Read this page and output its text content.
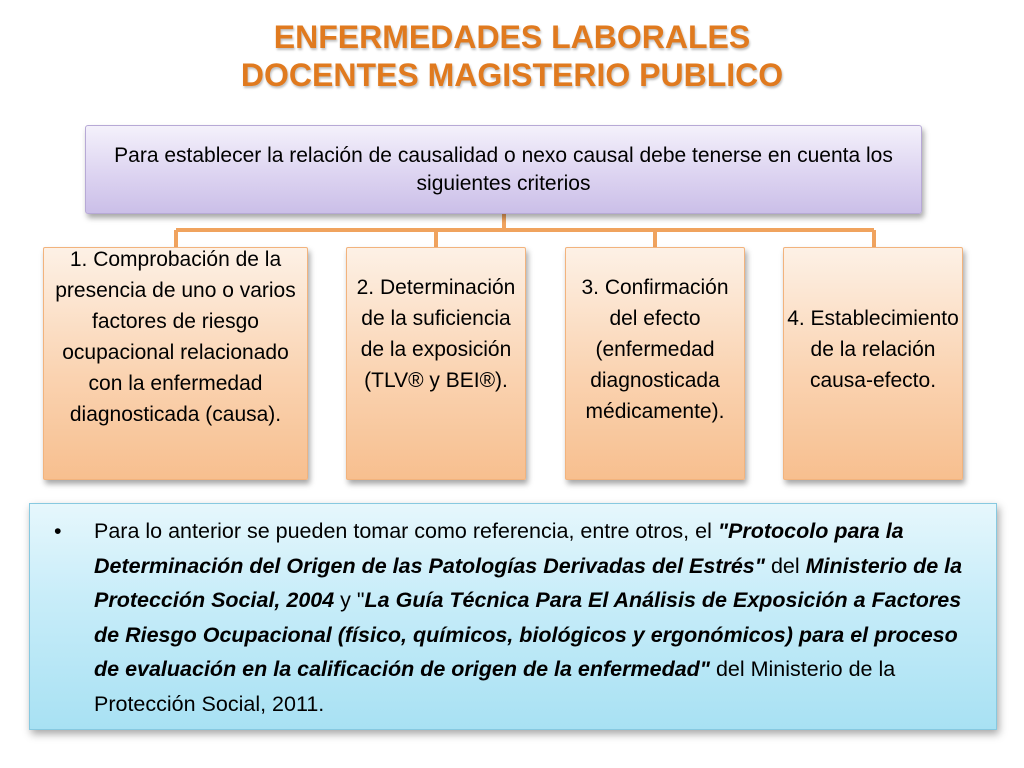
ENFERMEDADES LABORALES
DOCENTES MAGISTERIO PUBLICO
Para establecer la relación de causalidad o nexo causal debe tenerse en cuenta los siguientes criterios
1. Comprobación de la presencia de uno o varios factores de riesgo ocupacional relacionado con la enfermedad diagnosticada (causa).
2. Determinación de la suficiencia de la exposición (TLV® y BEI®).
3. Confirmación del efecto (enfermedad diagnosticada médicamente).
4. Establecimiento de la relación causa-efecto.
•	Para lo anterior se pueden tomar como referencia, entre otros, el "Protocolo para la Determinación del Origen de las Patologías Derivadas del Estrés" del Ministerio de la Protección Social, 2004 y "La Guía Técnica Para El Análisis de Exposición a Factores de Riesgo Ocupacional (físico, químicos, biológicos y ergonómicos) para el proceso de evaluación en la calificación de origen de la enfermedad" del Ministerio de la Protección Social, 2011.
